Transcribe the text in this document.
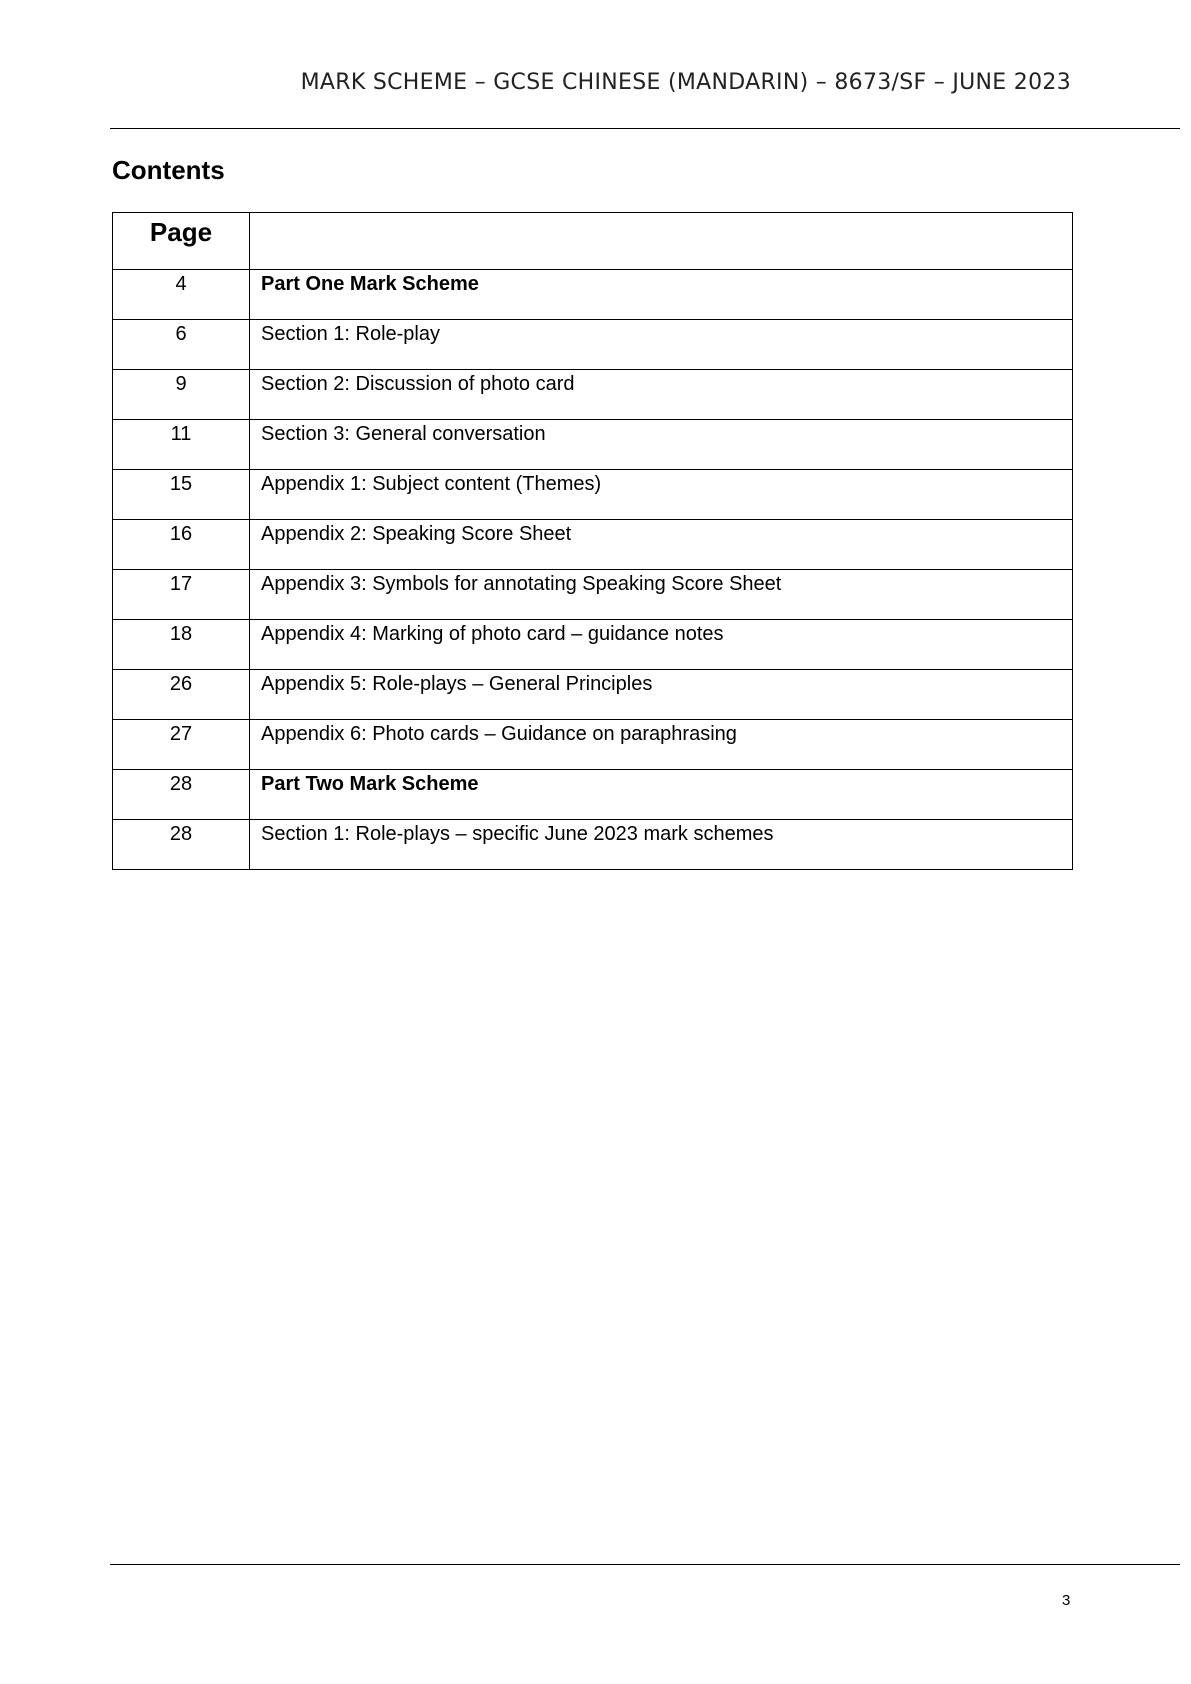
MARK SCHEME – GCSE CHINESE (MANDARIN) – 8673/SF – JUNE 2023
Contents
Page	
4	Part One Mark Scheme
6	Section 1: Role-play
9	Section 2: Discussion of photo card
11	Section 3: General conversation
15	Appendix 1: Subject content (Themes)
16	Appendix 2: Speaking Score Sheet
17	Appendix 3: Symbols for annotating Speaking Score Sheet
18	Appendix 4: Marking of photo card – guidance notes
26	Appendix 5: Role-plays – General Principles
27	Appendix 6: Photo cards – Guidance on paraphrasing
28	Part Two Mark Scheme
28	Section 1: Role-plays – specific June 2023 mark schemes
3
